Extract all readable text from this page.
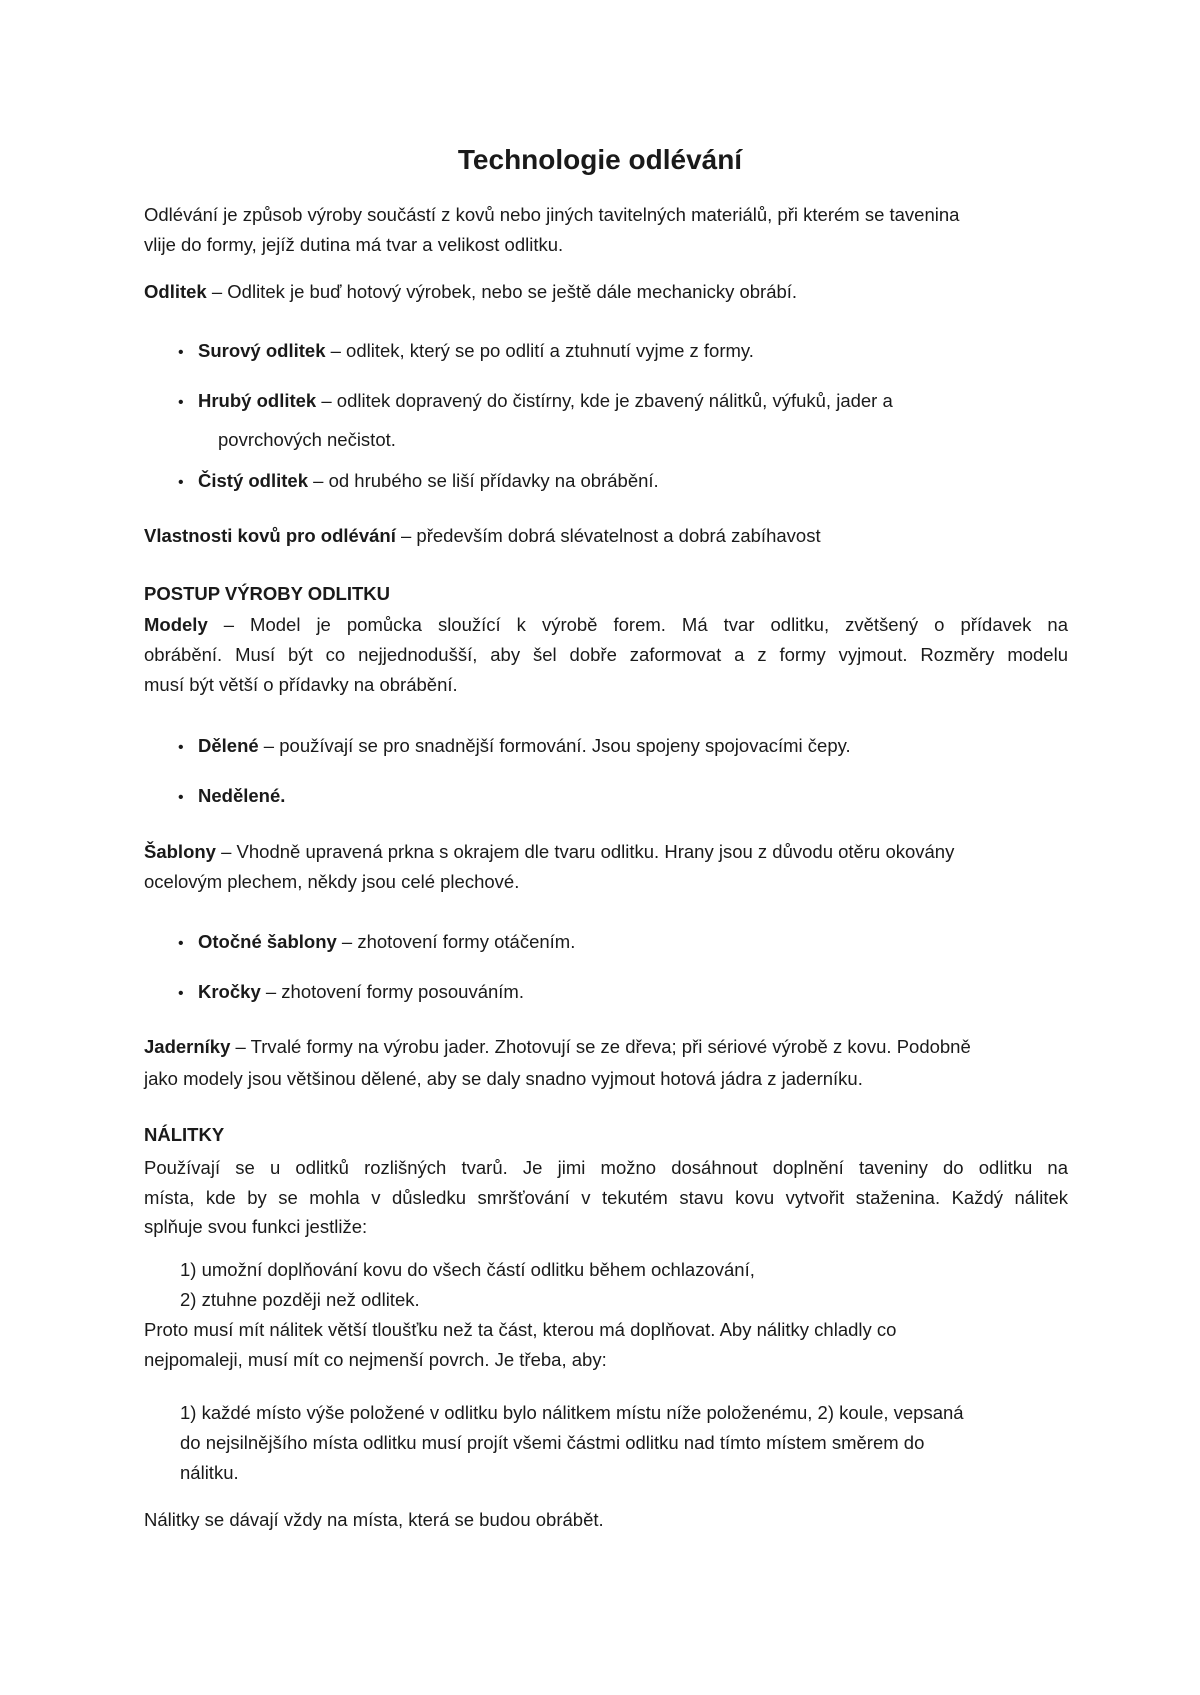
Technologie odlévání
Odlévání je způsob výroby součástí z kovů nebo jiných tavitelných materiálů, při kterém se tavenina
vlije do formy, jejíž dutina má tvar a velikost odlitku.
Odlitek – Odlitek je buď hotový výrobek, nebo se ještě dále mechanicky obrábí.
• Surový odlitek – odlitek, který se po odlití a ztuhnutí vyjme z formy.
• Hrubý odlitek – odlitek dopravený do čistírny, kde je zbavený nálitků, výfuků, jader a
povrchových nečistot.
• Čistý odlitek – od hrubého se liší přídavky na obrábění.
Vlastnosti kovů pro odlévání – především dobrá slévatelnost a dobrá zabíhavost
POSTUP VÝROBY ODLITKU
Modely – Model je pomůcka sloužící k výrobě forem. Má tvar odlitku, zvětšený o přídavek na
obrábění. Musí být co nejjednodušší, aby šel dobře zaformovat a z formy vyjmout. Rozměry modelu
musí být větší o přídavky na obrábění.
• Dělené – používají se pro snadnější formování. Jsou spojeny spojovacími čepy.
• Nedělené.
Šablony – Vhodně upravená prkna s okrajem dle tvaru odlitku. Hrany jsou z důvodu otěru okovány
ocelovým plechem, někdy jsou celé plechové.
• Otočné šablony – zhotovení formy otáčením.
• Kročky – zhotovení formy posouváním.
Jaderníky – Trvalé formy na výrobu jader. Zhotovují se ze dřeva; při sériové výrobě z kovu. Podobně
jako modely jsou většinou dělené, aby se daly snadno vyjmout hotová jádra z jaderníku.
NÁLITKY
Používají se u odlitků rozlišných tvarů. Je jimi možno dosáhnout doplnění taveniny do odlitku na
místa, kde by se mohla v důsledku smršťování v tekutém stavu kovu vytvořit staženina. Každý nálitek
splňuje svou funkci jestliže:
1) umožní doplňování kovu do všech částí odlitku během ochlazování,
2) ztuhne později než odlitek.
Proto musí mít nálitek větší tloušťku než ta část, kterou má doplňovat. Aby nálitky chladly co
nejpomaleji, musí mít co nejmenší povrch. Je třeba, aby:
1) každé místo výše položené v odlitku bylo nálitkem místu níže položenému, 2) koule, vepsaná
do nejsilnějšího místa odlitku musí projít všemi částmi odlitku nad tímto místem směrem do
nálitku.
Nálitky se dávají vždy na místa, která se budou obrábět.
